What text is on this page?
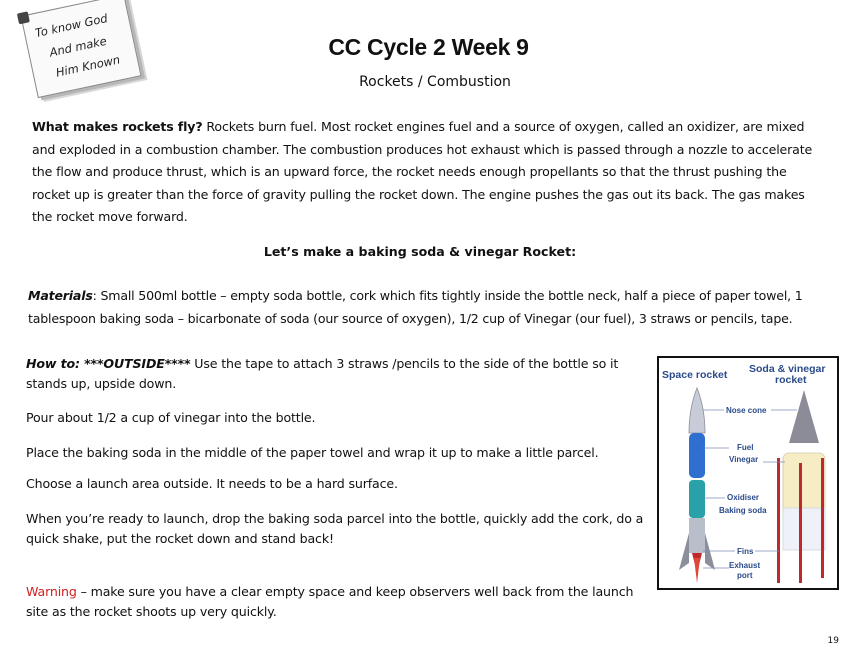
To know God
And make
Him Known
CC Cycle 2 Week 9
Rockets / Combustion
What makes rockets fly? Rockets burn fuel. Most rocket engines fuel and a source of oxygen, called an oxidizer, are mixed and exploded in a combustion chamber. The combustion produces hot exhaust which is passed through a nozzle to accelerate the flow and produce thrust, which is an upward force, the rocket needs enough propellants so that the thrust pushing the rocket up is greater than the force of gravity pulling the rocket down. The engine pushes the gas out its back. The gas makes the rocket move forward.
Let’s make a baking soda & vinegar Rocket:
Materials: Small 500ml bottle – empty soda bottle, cork which fits tightly inside the bottle neck, half a piece of paper towel, 1 tablespoon baking soda – bicarbonate of soda (our source of oxygen), 1/2 cup of Vinegar (our fuel), 3 straws or pencils, tape.
How to: ***OUTSIDE**** Use the tape to attach 3 straws /pencils to the side of the bottle so it stands up, upside down.
Pour about 1/2 a cup of vinegar into the bottle.
Place the baking soda in the middle of the paper towel and wrap it up to make a little parcel.
Choose a launch area outside. It needs to be a hard surface.
When you’re ready to launch, drop the baking soda parcel into the bottle, quickly add the cork, do a quick shake, put the rocket down and stand back!
Warning – make sure you have a clear empty space and keep observers well back from the launch site as the rocket shoots up very quickly.
Space rocket Soda & vinegar
rocket
Nose cone
Fuel
Vinegar
Oxidiser
Baking soda
Fins
Exhaust
port
19
